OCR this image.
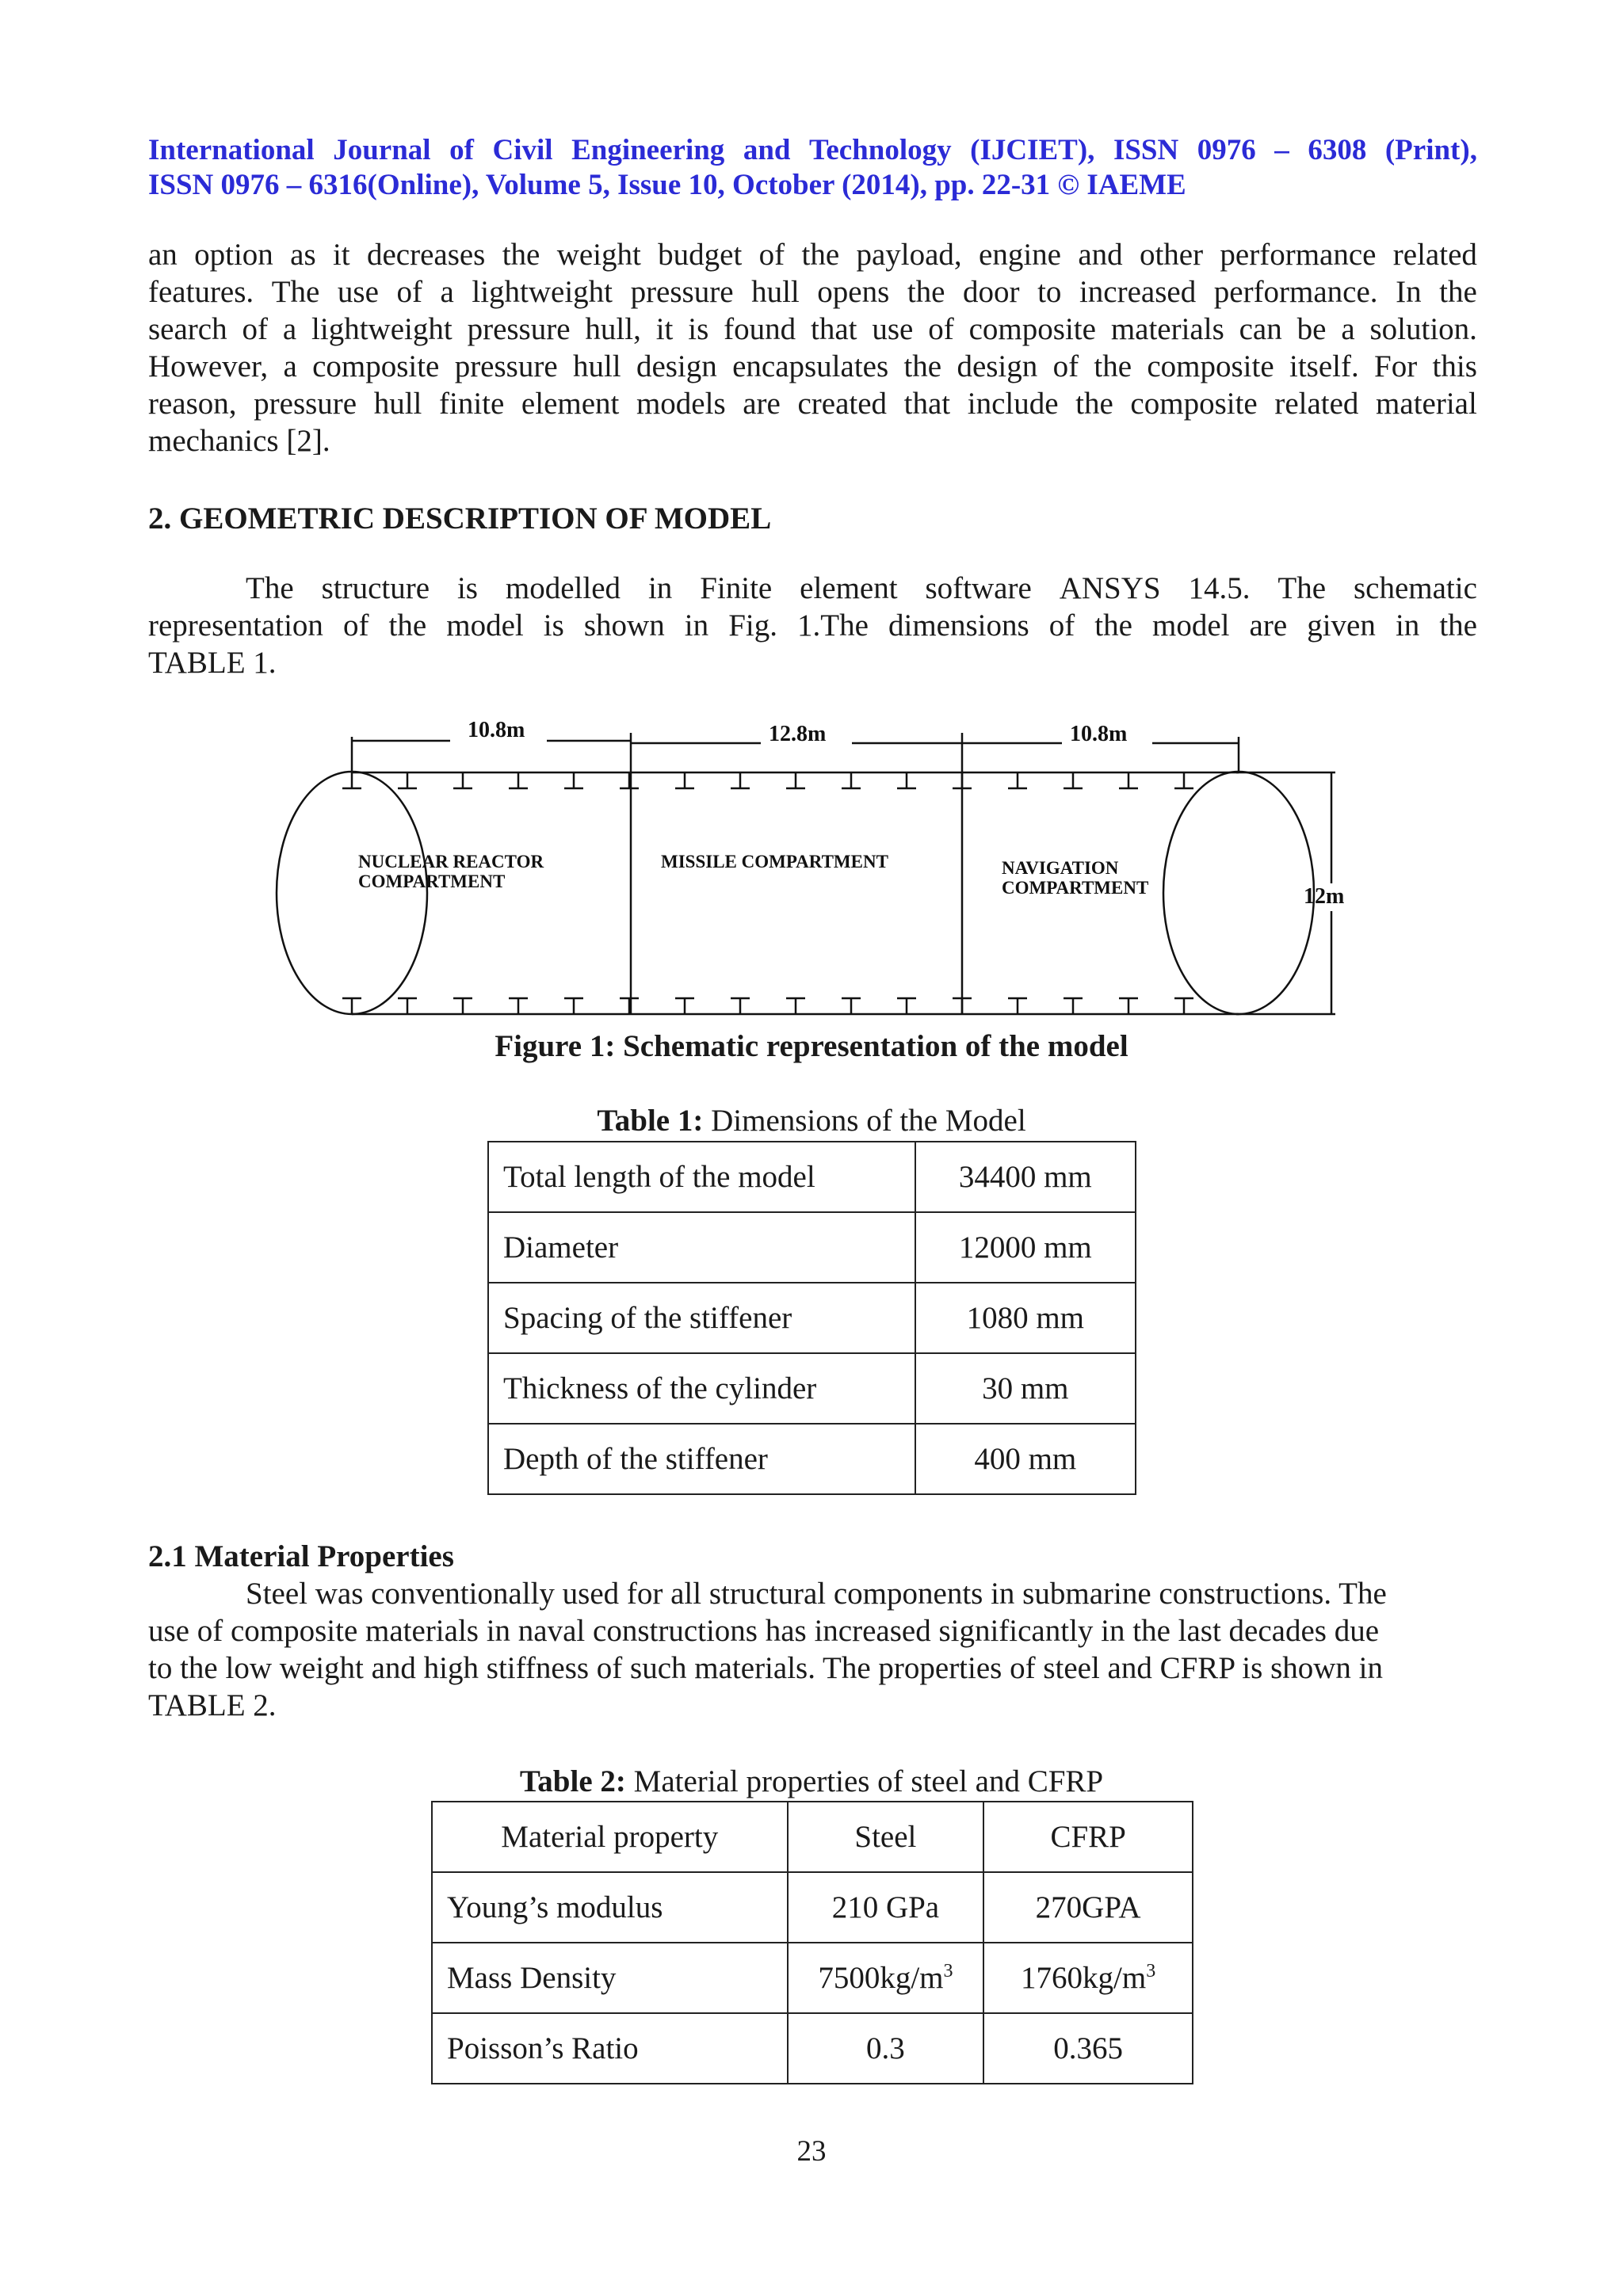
International Journal of Civil Engineering and Technology (IJCIET), ISSN 0976 – 6308 (Print),
ISSN 0976 – 6316(Online), Volume 5, Issue 10, October (2014), pp. 22-31 © IAEME
an option as it decreases the weight budget of the payload, engine and other performance related
features. The use of a lightweight pressure hull opens the door to increased performance. In the
search of a lightweight pressure hull, it is found that use of composite materials can be a solution.
However, a composite pressure hull design encapsulates the design of the composite itself. For this
reason, pressure hull finite element models are created that include the composite related material
mechanics [2].
2. GEOMETRIC DESCRIPTION OF MODEL
The structure is modelled in Finite element software ANSYS 14.5. The schematic
representation of the model is shown in Fig. 1.The dimensions of the model are given in the
TABLE 1.
10.8m	12.8m	10.8m
12m
NUCLEAR REACTOR
COMPARTMENT
MISSILE COMPARTMENT	NAVIGATION
COMPARTMENT
Figure 1: Schematic representation of the model
Table 1: Dimensions of the Model
Total length of the model	34400 mm
Diameter	12000 mm
Spacing of the stiffener	1080 mm
Thickness of the cylinder	30 mm
Depth of the stiffener	400 mm
2.1 Material Properties
Steel was conventionally used for all structural components in submarine constructions. The
use of composite materials in naval constructions has increased significantly in the last decades due
to the low weight and high stiffness of such materials. The properties of steel and CFRP is shown in
TABLE 2.
Table 2: Material properties of steel and CFRP
Material property	Steel	CFRP
Young’s modulus	210 GPa	270GPA
Mass Density	$7500kg/m^3$	$1760kg/m^3$
Poisson’s Ratio	0.3	0.365
23
